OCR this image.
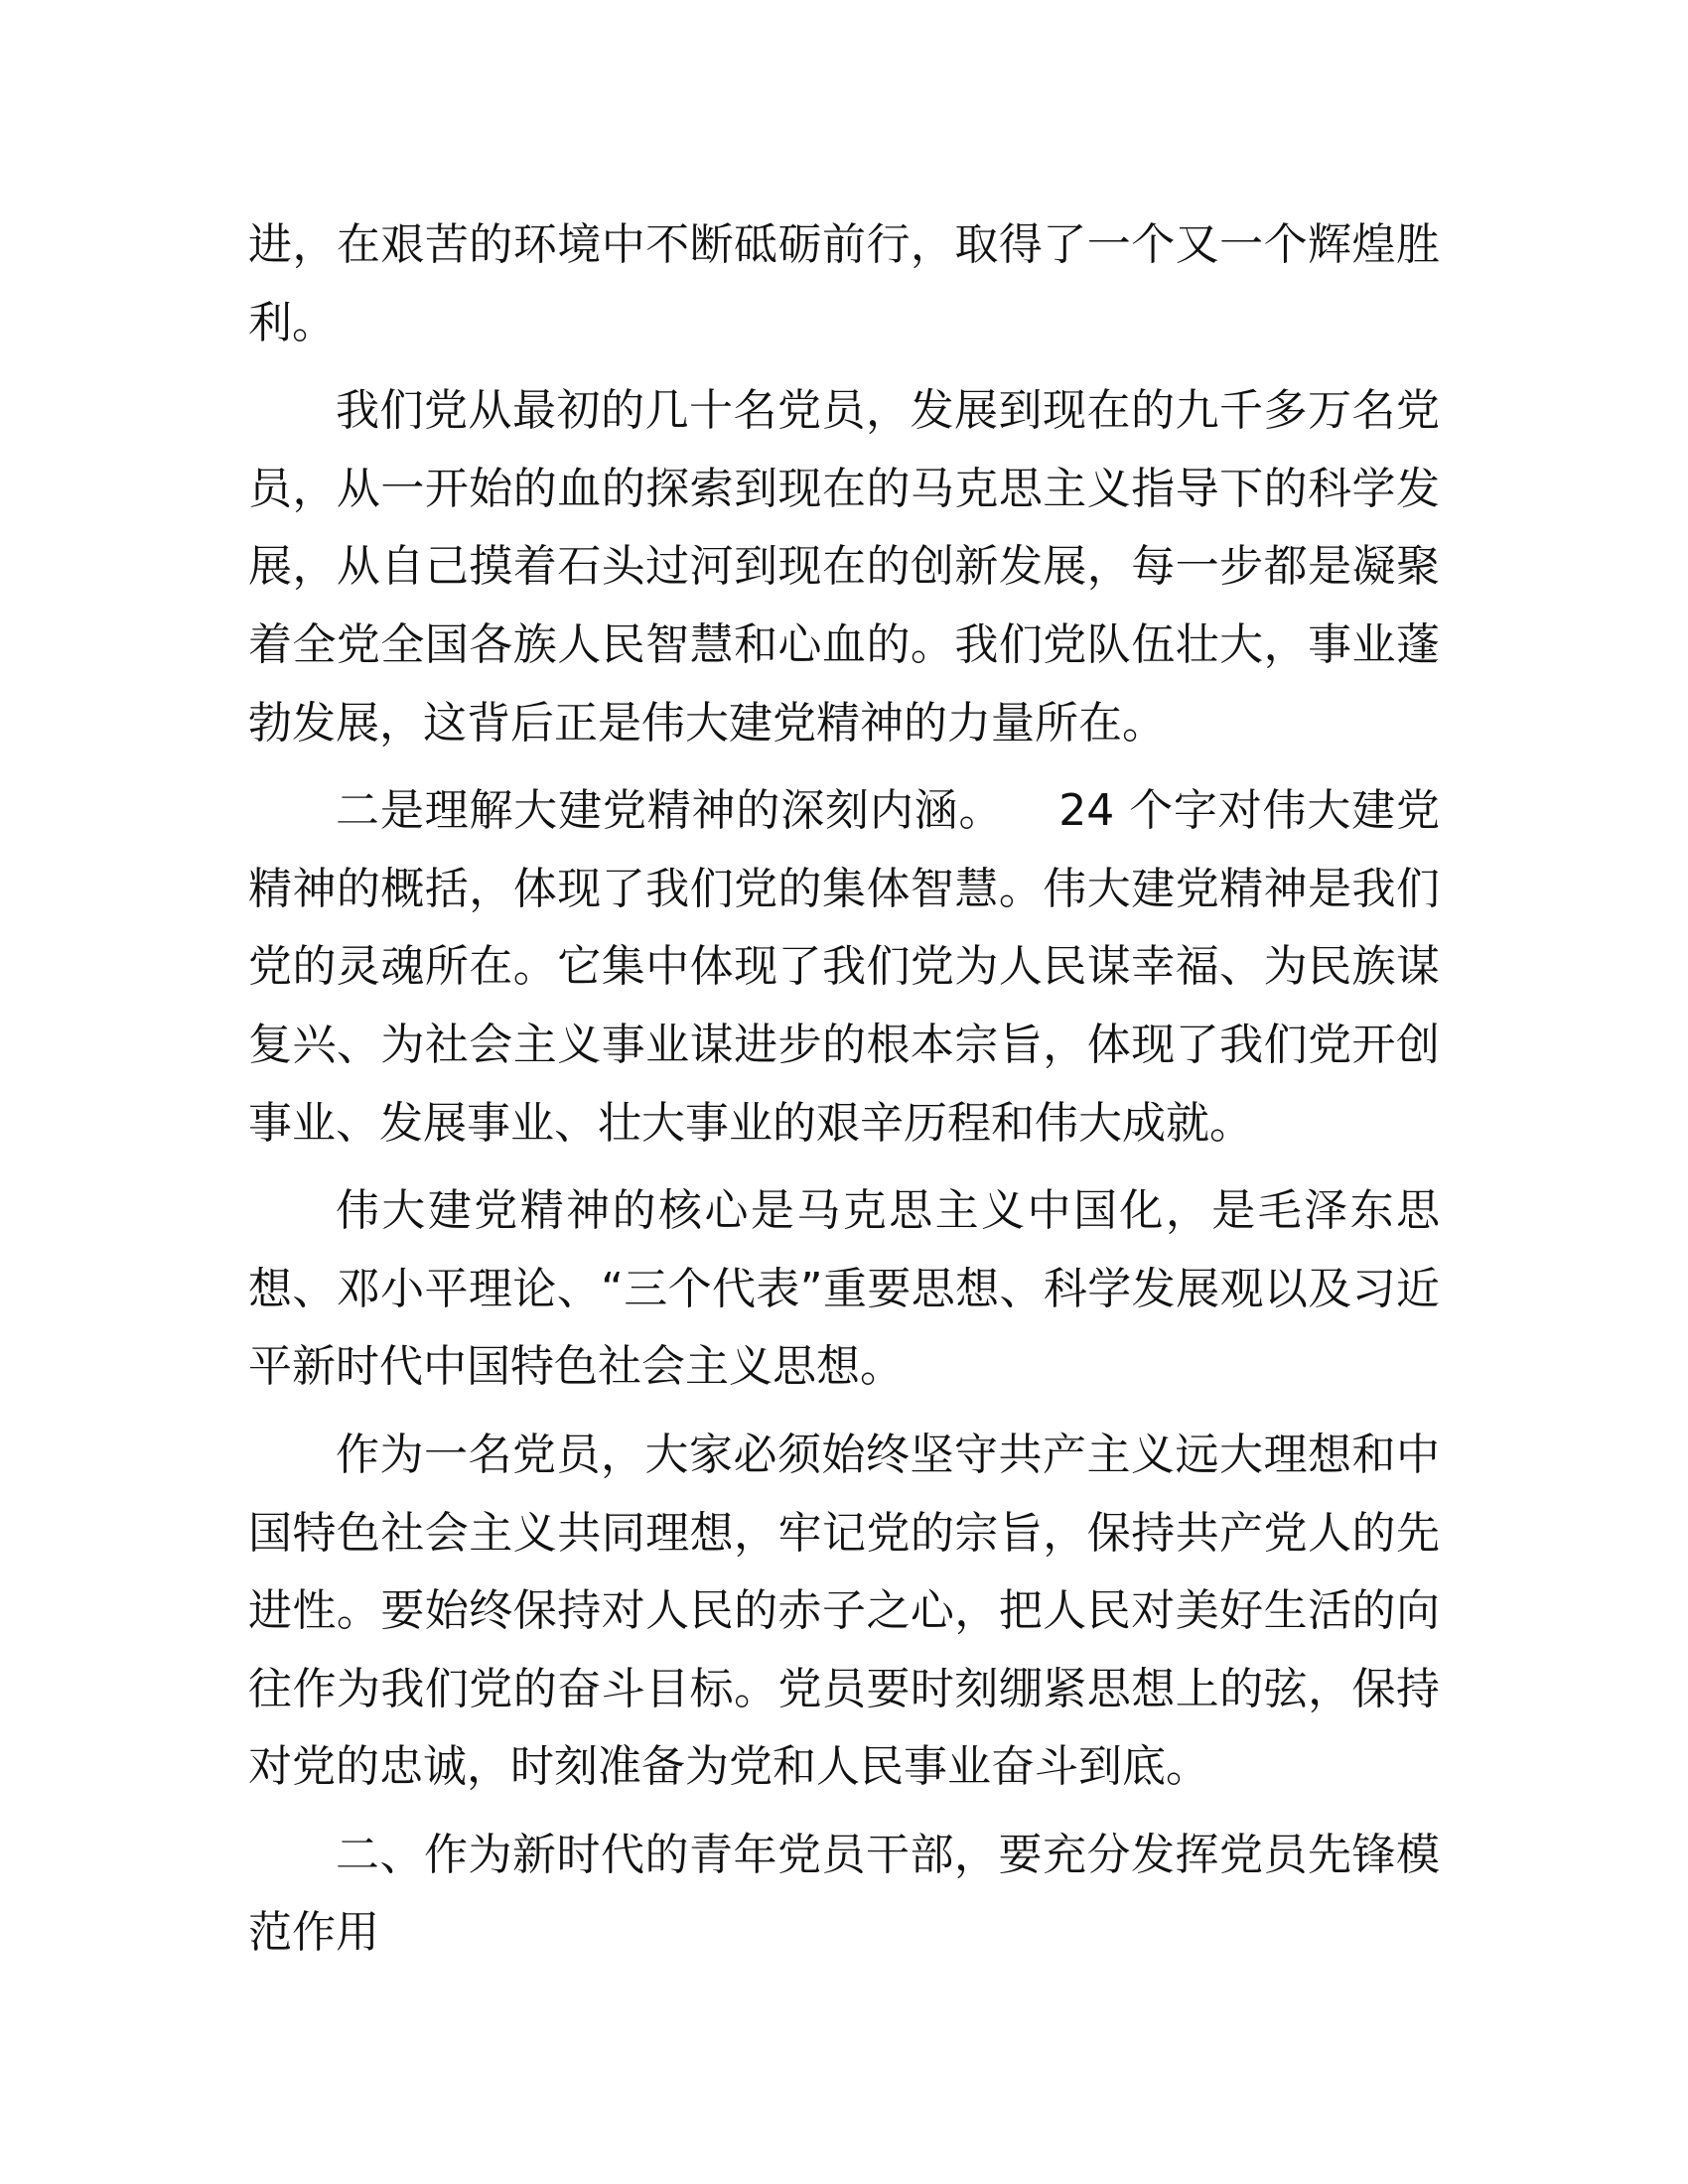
进，在艰苦的环境中不断砥砺前行，取得了一个又一个辉煌胜利。

我们党从最初的几十名党员，发展到现在的九千多万名党员，从一开始的血的探索到现在的马克思主义指导下的科学发展，从自己摸着石头过河到现在的创新发展，每一步都是凝聚着全党全国各族人民智慧和心血的。我们党队伍壮大，事业蓬勃发展，这背后正是伟大建党精神的力量所在。

二是理解大建党精神的深刻内涵。 24 个字对伟大建党精神的概括，体现了我们党的集体智慧。伟大建党精神是我们党的灵魂所在。它集中体现了我们党为人民谋幸福、为民族谋复兴、为社会主义事业谋进步的根本宗旨，体现了我们党开创事业、发展事业、壮大事业的艰辛历程和伟大成就。

伟大建党精神的核心是马克思主义中国化，是毛泽东思想、邓小平理论、“三个代表”重要思想、科学发展观以及习近平新时代中国特色社会主义思想。

作为一名党员，大家必须始终坚守共产主义远大理想和中国特色社会主义共同理想，牢记党的宗旨，保持共产党人的先进性。要始终保持对人民的赤子之心，把人民对美好生活的向往作为我们党的奋斗目标。党员要时刻绷紧思想上的弦，保持对党的忠诚，时刻准备为党和人民事业奋斗到底。

二、作为新时代的青年党员干部，要充分发挥党员先锋模范作用
